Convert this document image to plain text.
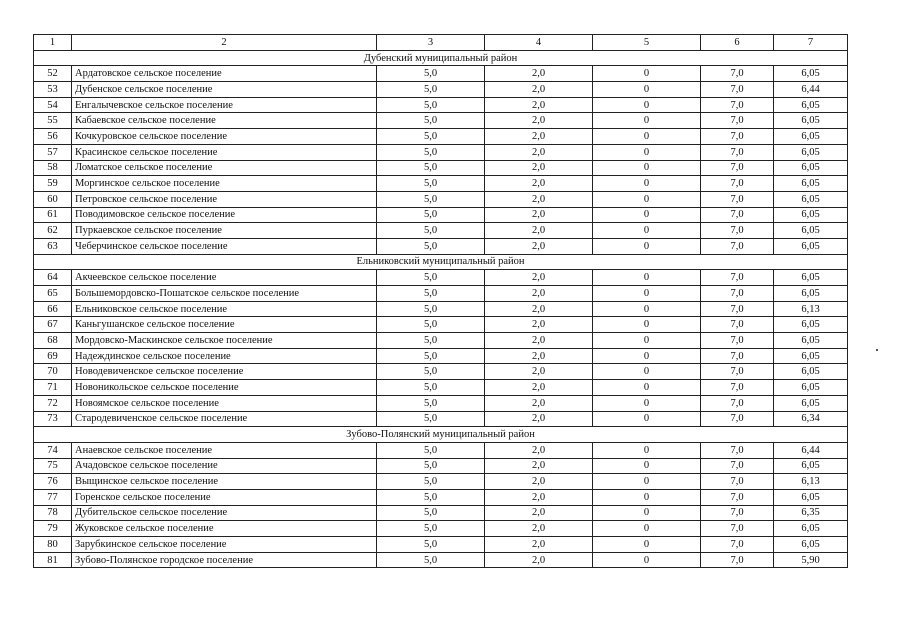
1	2	3	4	5	6	7
Дубенский муниципальный район						
52	Ардатовское сельское поселение	5,0	2,0	0	7,0	6,05
53	Дубенское сельское поселение	5,0	2,0	0	7,0	6,44
54	Енгалычевское сельское поселение	5,0	2,0	0	7,0	6,05
55	Кабаевское сельское поселение	5,0	2,0	0	7,0	6,05
56	Кочкуровское сельское поселение	5,0	2,0	0	7,0	6,05
57	Красинское сельское поселение	5,0	2,0	0	7,0	6,05
58	Ломатское сельское поселение	5,0	2,0	0	7,0	6,05
59	Моргинское сельское поселение	5,0	2,0	0	7,0	6,05
60	Петровское сельское поселение	5,0	2,0	0	7,0	6,05
61	Поводимовское сельское поселение	5,0	2,0	0	7,0	6,05
62	Пуркаевское сельское поселение	5,0	2,0	0	7,0	6,05
63	Чеберчинское сельское поселение	5,0	2,0	0	7,0	6,05
Ельниковский муниципальный район						
64	Акчеевское сельское поселение	5,0	2,0	0	7,0	6,05
65	Большемордовско-Пошатское сельское поселение	5,0	2,0	0	7,0	6,05
66	Ельниковское сельское поселение	5,0	2,0	0	7,0	6,13
67	Каньгушанское сельское поселение	5,0	2,0	0	7,0	6,05
68	Мордовско-Маскинское сельское поселение	5,0	2,0	0	7,0	6,05
69	Надеждинское сельское поселение	5,0	2,0	0	7,0	6,05
70	Новодевиченское сельское поселение	5,0	2,0	0	7,0	6,05
71	Новоникольское сельское поселение	5,0	2,0	0	7,0	6,05
72	Новоямское сельское поселение	5,0	2,0	0	7,0	6,05
73	Стародевиченское сельское поселение	5,0	2,0	0	7,0	6,34
Зубово-Полянский муниципальный район						
74	Анаевское сельское поселение	5,0	2,0	0	7,0	6,44
75	Ачадовское сельское поселение	5,0	2,0	0	7,0	6,05
76	Выщинское сельское поселение	5,0	2,0	0	7,0	6,13
77	Горенское сельское поселение	5,0	2,0	0	7,0	6,05
78	Дубительское сельское поселение	5,0	2,0	0	7,0	6,35
79	Жуковское сельское поселение	5,0	2,0	0	7,0	6,05
80	Зарубкинское сельское поселение	5,0	2,0	0	7,0	6,05
81	Зубово-Полянское городское поселение	5,0	2,0	0	7,0	5,90
